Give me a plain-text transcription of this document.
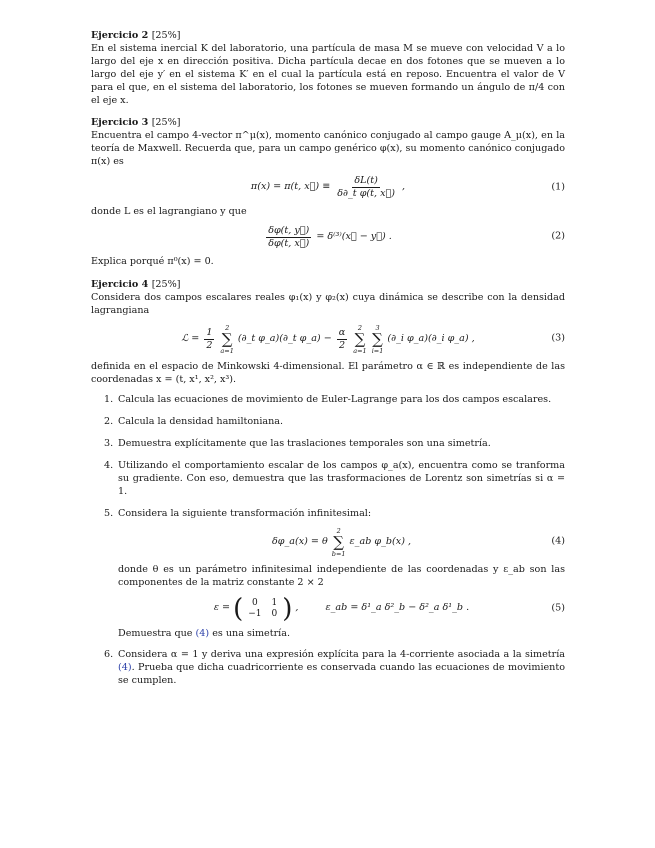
Ejercicio 2 [25%]

En el sistema inercial K del laboratorio, una partícula de masa M se mueve con velocidad V a lo largo del eje x en dirección positiva. Dicha partícula decae en dos fotones que se mueven a lo largo del eje y′ en el sistema K′ en el cual la partícula está en reposo. Encuentra el valor de V para el que, en el sistema del laboratorio, los fotones se mueven formando un ángulo de π/4 con el eje x.

Ejercicio 3 [25%]

Encuentra el campo 4-vector π^μ(x), momento canónico conjugado al campo gauge A_μ(x), en la teoría de Maxwell. Recuerda que, para un campo genérico φ(x), su momento canónico conjugado π(x) es

π(x) = π(t, x⃗) ≡ $\frac{\delta L(t)}{\text{δ∂\_t φ(t, x⃗)}}$ ,	(1)

donde L es el lagrangiano y que

$\frac{\delta\varphi(t, y⃗)}{\delta\varphi(t, x⃗)}$ = δ⁽³⁾(x⃗ − y⃗) .	(2)

Explica porqué π⁰(x) = 0.

Ejercicio 4 [25%]

Considera dos campos escalares reales φ₁(x) y φ₂(x) cuya dinámica se describe con la densidad lagrangiana

ℒ = $\frac{1}{2} 2$
∑
a=1
(∂_t φ_a)(∂_t φ_a) − $\frac{\alpha}{2} 2$
∑
a=1
3
∑
i=1
(∂_i φ_a)(∂_i φ_a) ,	(3)

definida en el espacio de Minkowski 4-dimensional. El parámetro α ∈ ℝ es independiente de las coordenadas x = (t, x¹, x², x³).

1. Calcula las ecuaciones de movimiento de Euler-Lagrange para los dos campos escalares.
2. Calcula la densidad hamiltoniana.
3. Demuestra explícitamente que las traslaciones temporales son una simetría.
4. Utilizando el comportamiento escalar de los campos φ_a(x), encuentra como se tranforma su gradiente. Con eso, demuestra que las trasformaciones de Lorentz son simetrías si α = 1.
5. Considera la siguiente transformación infinitesimal:
δφ_a(x) = θ
2
∑
b=1
ε_ab φ_b(x) ,	(4)

donde θ es un parámetro infinitesimal independiente de las coordenadas y ε_ab son las componentes de la matriz constante 2 × 2

ε = ( 0	1
−1	0 ) ,	ε_ab = δ¹_a δ²_b − δ²_a δ¹_b .	(5)

Demuestra que (4) es una simetría.

6. Considera α = 1 y deriva una expresión explícita para la 4-corriente asociada a la simetría (4). Prueba que dicha cuadricorriente es conservada cuando las ecuaciones de movimiento se cumplen.
